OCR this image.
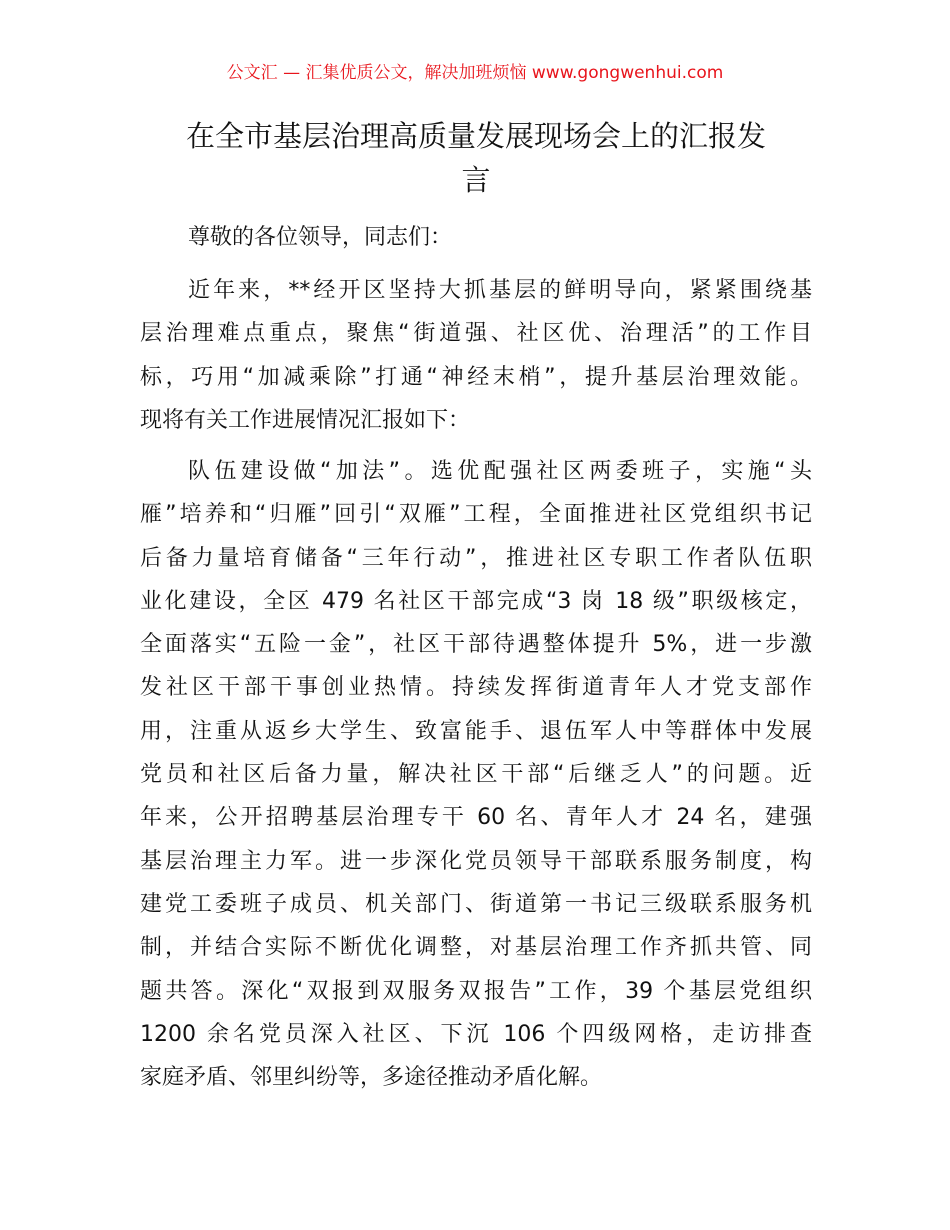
公文汇 — 汇集优质公文，解决加班烦恼 www.gongwenhui.com
在全市基层治理高质量发展现场会上的汇报发
言
尊敬的各位领导，同志们：
近年来，**经开区坚持大抓基层的鲜明导向，紧紧围绕基
层治理难点重点，聚焦“街道强、社区优、治理活”的工作目
标，巧用“加减乘除”打通“神经末梢”，提升基层治理效能。
现将有关工作进展情况汇报如下：
队伍建设做“加法”。选优配强社区两委班子，实施“头
雁”培养和“归雁”回引“双雁”工程，全面推进社区党组织书记
后备力量培育储备“三年行动”，推进社区专职工作者队伍职
业化建设，全区 479 名社区干部完成“3 岗 18 级”职级核定，
全面落实“五险一金”，社区干部待遇整体提升 5%，进一步激
发社区干部干事创业热情。持续发挥街道青年人才党支部作
用，注重从返乡大学生、致富能手、退伍军人中等群体中发展
党员和社区后备力量，解决社区干部“后继乏人”的问题。近
年来，公开招聘基层治理专干 60 名、青年人才 24 名，建强
基层治理主力军。进一步深化党员领导干部联系服务制度，构
建党工委班子成员、机关部门、街道第一书记三级联系服务机
制，并结合实际不断优化调整，对基层治理工作齐抓共管、同
题共答。深化“双报到双服务双报告”工作，39 个基层党组织
1200 余名党员深入社区、下沉 106 个四级网格，走访排查
家庭矛盾、邻里纠纷等，多途径推动矛盾化解。
